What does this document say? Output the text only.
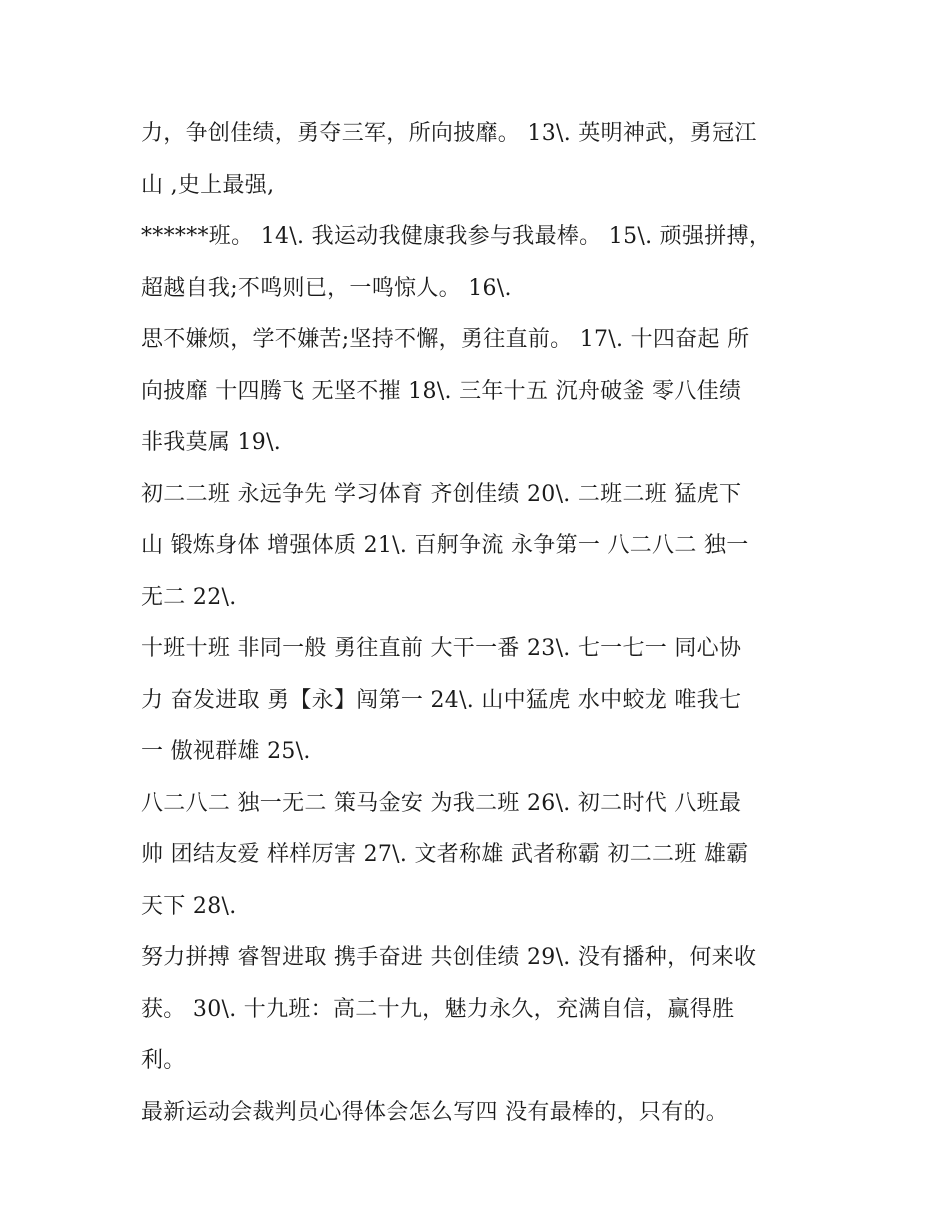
力，争创佳绩，勇夺三军，所向披靡。 13\. 英明神武，勇冠江
山 ,史上最强,
******班。 14\. 我运动我健康我参与我最棒。 15\. 顽强拼搏，
超越自我;不鸣则已，一鸣惊人。 16\.
思不嫌烦，学不嫌苦;坚持不懈，勇往直前。 17\. 十四奋起 所
向披靡 十四腾飞 无坚不摧 18\. 三年十五 沉舟破釜 零八佳绩
非我莫属 19\.
初二二班 永远争先 学习体育 齐创佳绩 20\. 二班二班 猛虎下
山 锻炼身体 增强体质 21\. 百舸争流 永争第一 八二八二 独一
无二 22\.
十班十班 非同一般 勇往直前 大干一番 23\. 七一七一 同心协
力 奋发进取 勇【永】闯第一 24\. 山中猛虎 水中蛟龙 唯我七
一 傲视群雄 25\.
八二八二 独一无二 策马金安 为我二班 26\. 初二时代 八班最
帅 团结友爱 样样厉害 27\. 文者称雄 武者称霸 初二二班 雄霸
天下 28\.
努力拼搏 睿智进取 携手奋进 共创佳绩 29\. 没有播种，何来收
获。 30\. 十九班：高二十九，魅力永久，充满自信，赢得胜
利。
最新运动会裁判员心得体会怎么写四 没有最棒的，只有的。
